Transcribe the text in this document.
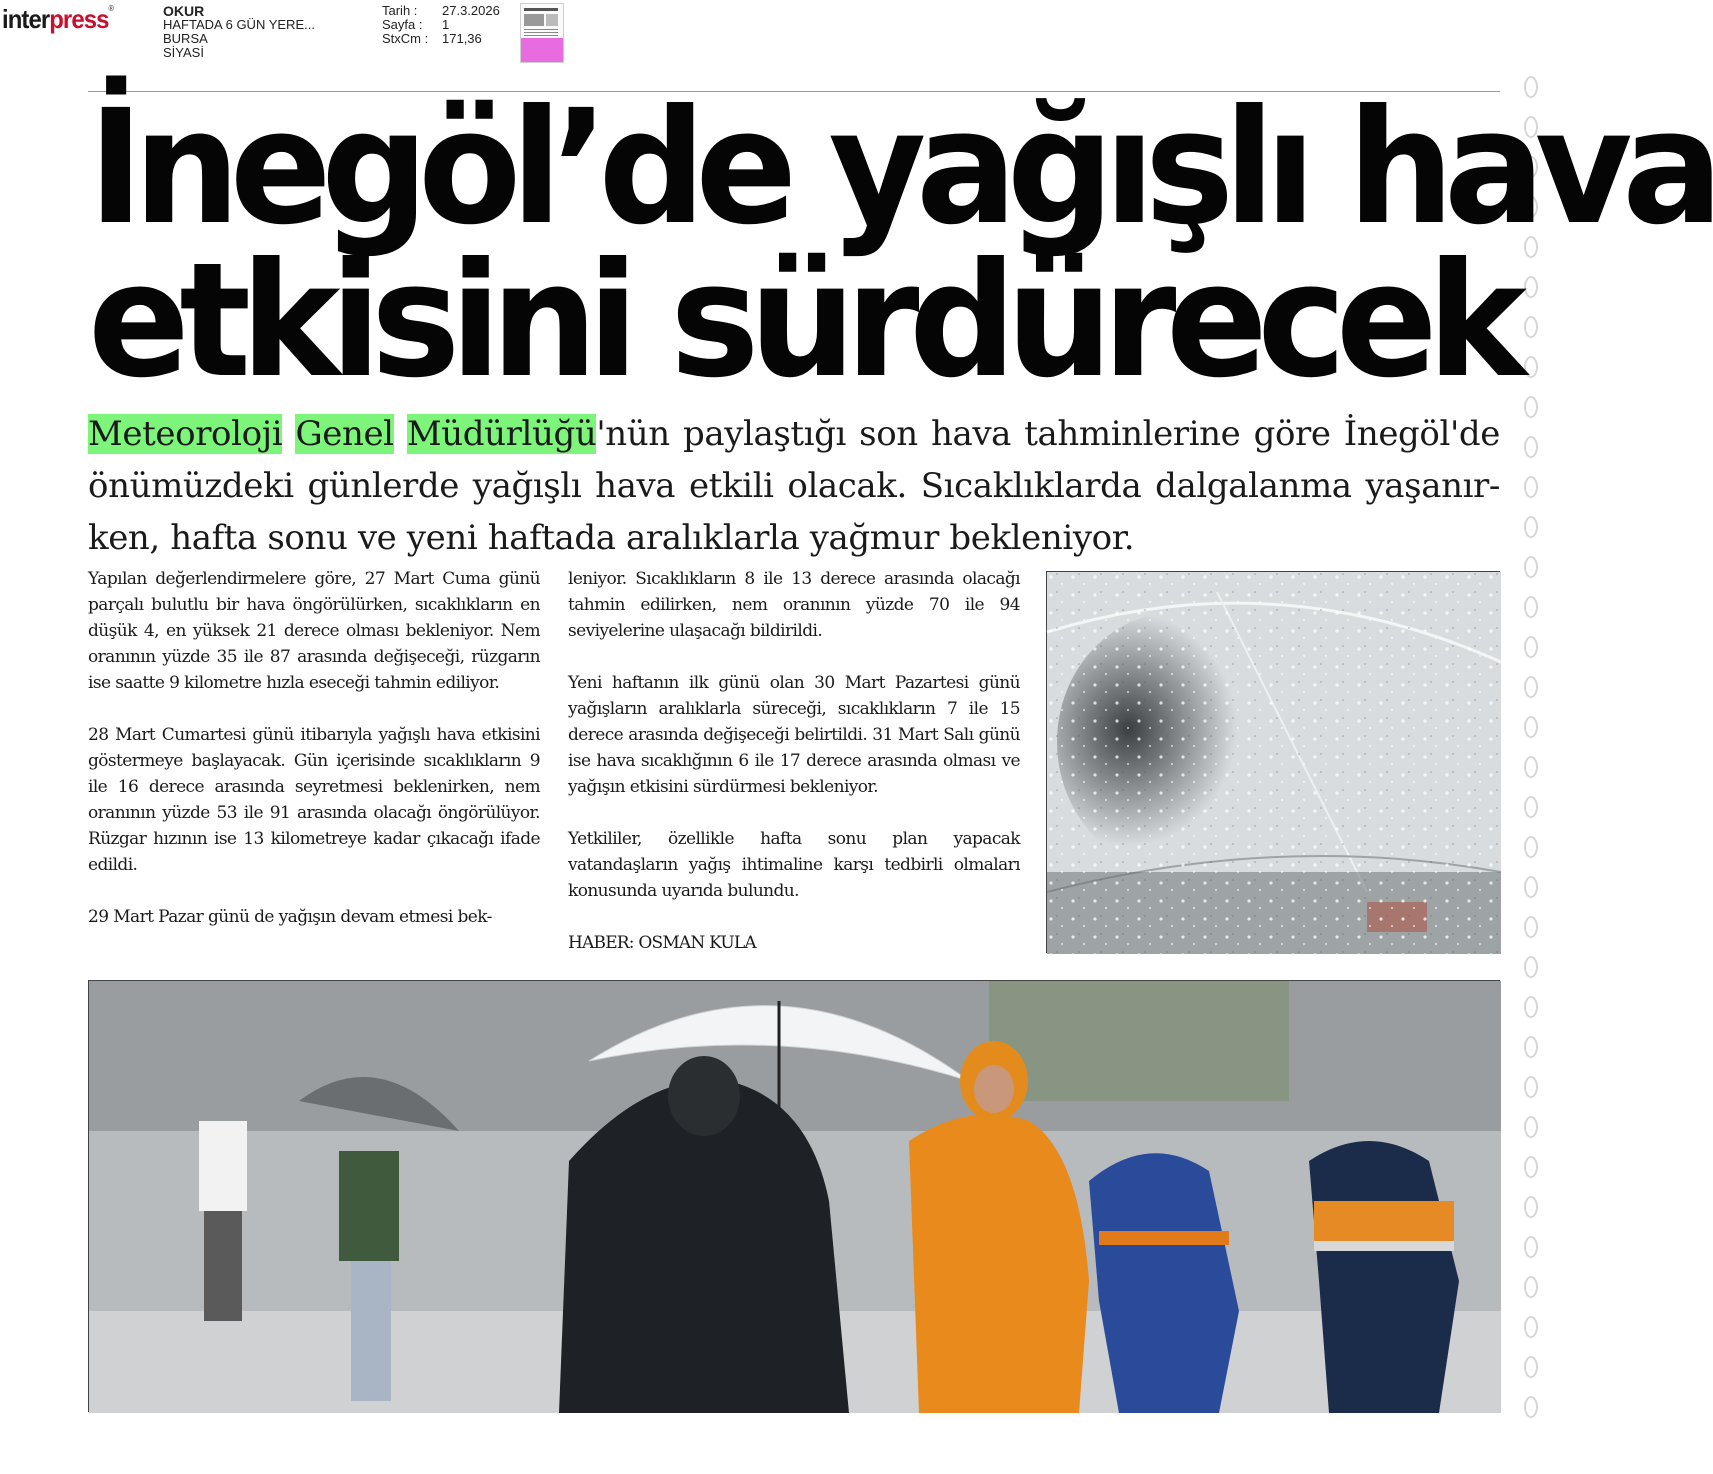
interpress®	OKUR
HAFTADA 6 GÜN YERE...
BURSA
SİYASİ
Tarih :	27.3.2026
Sayfa :	1
StxCm :	171,36
İnegöl’de yağışlı hava
etkisini sürdürecek
Meteoroloji Genel Müdürlüğü'nün paylaştığı son hava tahminlerine göre İnegöl'de
önümüzdeki günlerde yağışlı hava etkili olacak. Sıcaklıklarda dalgalanma yaşanır-
ken, hafta sonu ve yeni haftada aralıklarla yağmur bekleniyor.

Yapılan değerlendirmelere göre, 27 Mart Cuma günü parçalı bulutlu bir hava öngörülürken, sıcaklıkların en düşük 4, en yüksek 21 derece olması bekleniyor. Nem oranının yüzde 35 ile 87 arasında değişeceği, rüzgarın ise saatte 9 kilometre hızla eseceği tahmin ediliyor.

28 Mart Cumartesi günü itibarıyla yağışlı hava etkisini göstermeye başlayacak. Gün içerisinde sıcaklıkların 9 ile 16 derece arasında seyretmesi beklenirken, nem oranının yüzde 53 ile 91 arasında olacağı öngörülüyor. Rüzgar hızının ise 13 kilometreye kadar çıkacağı ifade edildi.

29 Mart Pazar günü de yağışın devam etmesi bek-

leniyor. Sıcaklıkların 8 ile 13 derece arasında olacağı tahmin edilirken, nem oranının yüzde 70 ile 94 seviyelerine ulaşacağı bildirildi.

Yeni haftanın ilk günü olan 30 Mart Pazartesi günü yağışların aralıklarla süreceği, sıcaklıkların 7 ile 15 derece arasında değişeceği belirtildi. 31 Mart Salı günü ise hava sıcaklığının 6 ile 17 derece arasında olması ve yağışın etkisini sürdürmesi bekleniyor.

Yetkililer, özellikle hafta sonu plan yapacak vatandaşların yağış ihtimaline karşı tedbirli olmaları konusunda uyarıda bulundu.

HABER: OSMAN KULA
